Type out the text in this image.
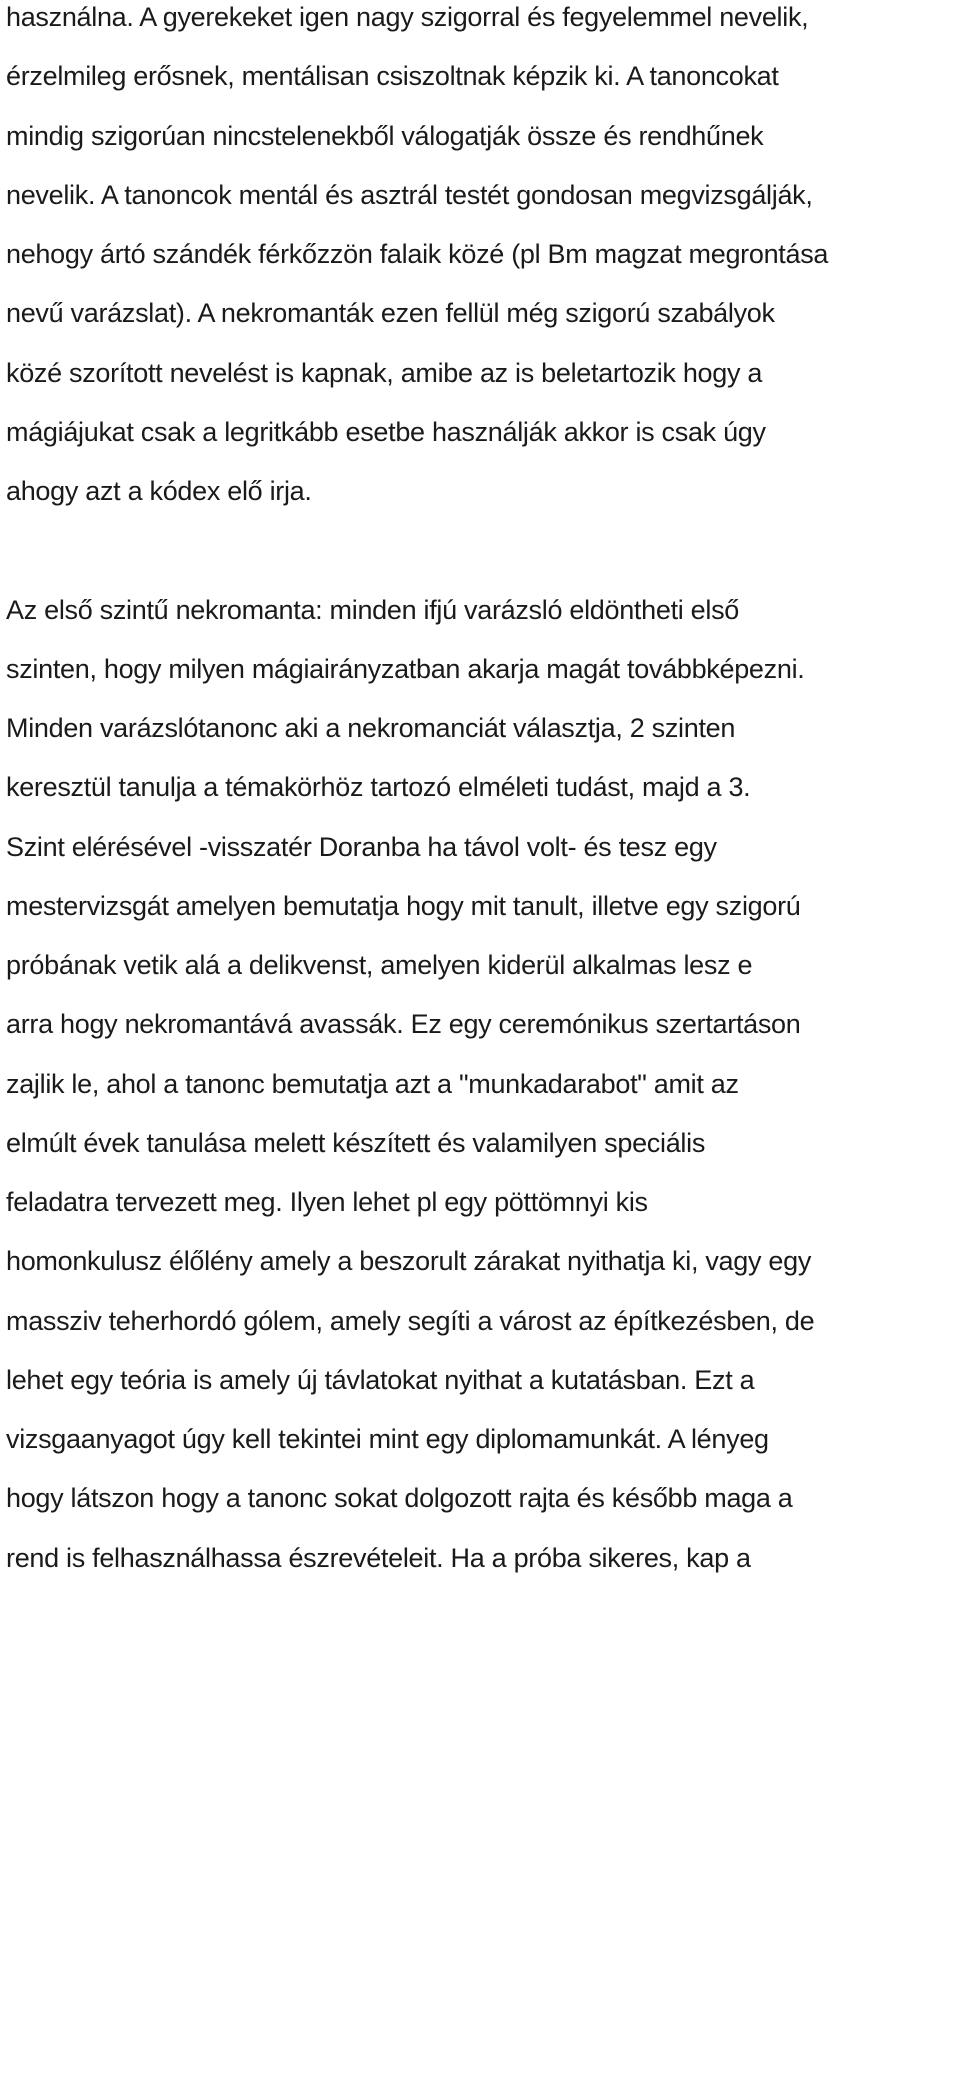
használna. A gyerekeket igen nagy szigorral és fegyelemmel nevelik,
érzelmileg erősnek, mentálisan csiszoltnak képzik ki. A tanoncokat
mindig szigorúan nincstelenekből válogatják össze és rendhűnek
nevelik. A tanoncok mentál és asztrál testét gondosan megvizsgálják,
nehogy ártó szándék férkőzzön falaik közé (pl Bm magzat megrontása
nevű varázslat). A nekromanták ezen fellül még szigorú szabályok
közé szorított nevelést is kapnak, amibe az is beletartozik hogy a
mágiájukat csak a legritkább esetbe használják akkor is csak úgy
ahogy azt a kódex elő irja.
Az első szintű nekromanta: minden ifjú varázsló eldöntheti első
szinten, hogy milyen mágiairányzatban akarja magát továbbképezni.
Minden varázslótanonc aki a nekromanciát választja, 2 szinten
keresztül tanulja a témakörhöz tartozó elméleti tudást, majd a 3.
Szint elérésével -visszatér Doranba ha távol volt- és tesz egy
mestervizsgát amelyen bemutatja hogy mit tanult, illetve egy szigorú
próbának vetik alá a delikvenst, amelyen kiderül alkalmas lesz e
arra hogy nekromantává avassák. Ez egy ceremónikus szertartáson
zajlik le, ahol a tanonc bemutatja azt a "munkadarabot" amit az
elmúlt évek tanulása melett készített és valamilyen speciális
feladatra tervezett meg. Ilyen lehet pl egy pöttömnyi kis
homonkulusz élőlény amely a beszorult zárakat nyithatja ki, vagy egy
massziv teherhordó gólem, amely segíti a várost az építkezésben, de
lehet egy teória is amely új távlatokat nyithat a kutatásban. Ezt a
vizsgaanyagot úgy kell tekintei mint egy diplomamunkát. A lényeg
hogy látszon hogy a tanonc sokat dolgozott rajta és később maga a
rend is felhasználhassa észrevételeit. Ha a próba sikeres, kap a
